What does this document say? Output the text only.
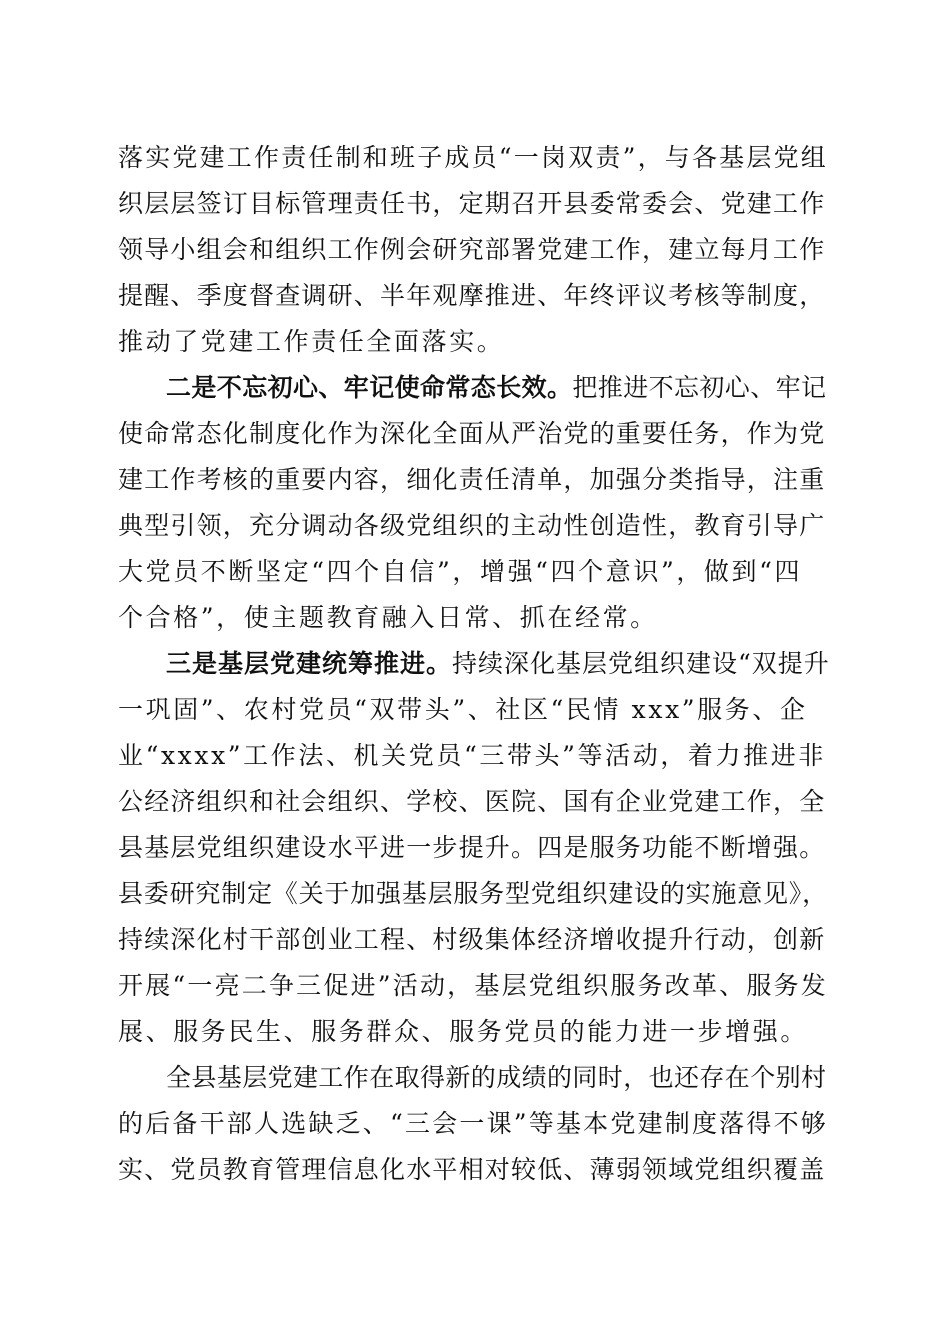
落实党建工作责任制和班子成员“一岗双责”，与各基层党组
织层层签订目标管理责任书，定期召开县委常委会、党建工作
领导小组会和组织工作例会研究部署党建工作，建立每月工作
提醒、季度督查调研、半年观摩推进、年终评议考核等制度，
推动了党建工作责任全面落实。
二是不忘初心、牢记使命常态长效。把推进不忘初心、牢记
使命常态化制度化作为深化全面从严治党的重要任务，作为党
建工作考核的重要内容，细化责任清单，加强分类指导，注重
典型引领，充分调动各级党组织的主动性创造性，教育引导广
大党员不断坚定“四个自信”，增强“四个意识”，做到“四
个合格”，使主题教育融入日常、抓在经常。
三是基层党建统筹推进。持续深化基层党组织建设“双提升
一巩固”、农村党员“双带头”、社区“民情 xxx”服务、企
业“xxxx”工作法、机关党员“三带头”等活动，着力推进非
公经济组织和社会组织、学校、医院、国有企业党建工作，全
县基层党组织建设水平进一步提升。四是服务功能不断增强。
县委研究制定《关于加强基层服务型党组织建设的实施意见》，
持续深化村干部创业工程、村级集体经济增收提升行动，创新
开展“一亮二争三促进”活动，基层党组织服务改革、服务发
展、服务民生、服务群众、服务党员的能力进一步增强。
全县基层党建工作在取得新的成绩的同时，也还存在个别村
的后备干部人选缺乏、“三会一课”等基本党建制度落得不够
实、党员教育管理信息化水平相对较低、薄弱领域党组织覆盖
